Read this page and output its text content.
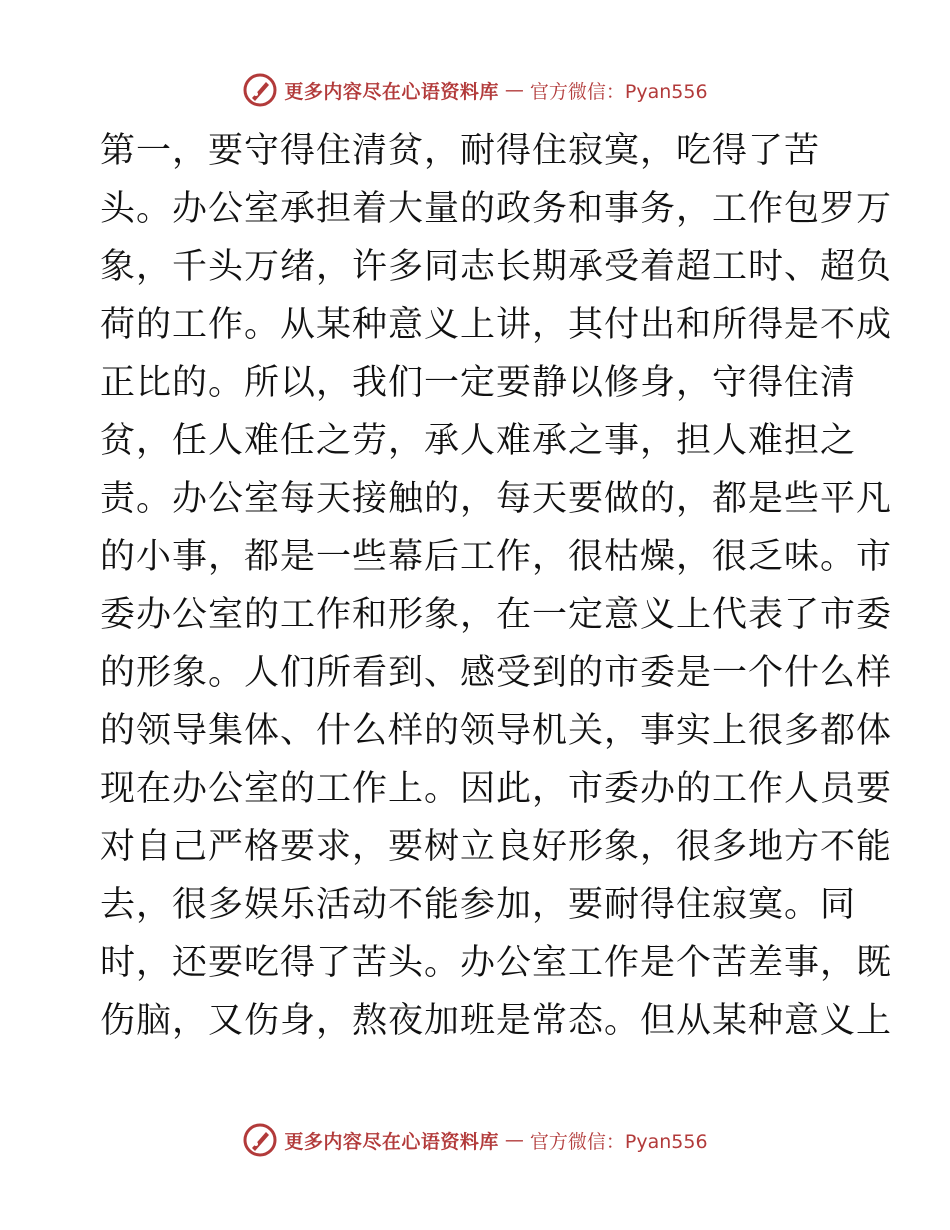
更多内容尽在心语资料库 — 官方微信：Pyan556
第一，要守得住清贫，耐得住寂寞，吃得了苦
头。办公室承担着大量的政务和事务，工作包罗万
象，千头万绪，许多同志长期承受着超工时、超负
荷的工作。从某种意义上讲，其付出和所得是不成
正比的。所以，我们一定要静以修身，守得住清
贫，任人难任之劳，承人难承之事，担人难担之
责。办公室每天接触的，每天要做的，都是些平凡
的小事，都是一些幕后工作，很枯燥，很乏味。市
委办公室的工作和形象，在一定意义上代表了市委
的形象。人们所看到、感受到的市委是一个什么样
的领导集体、什么样的领导机关，事实上很多都体
现在办公室的工作上。因此，市委办的工作人员要
对自己严格要求，要树立良好形象，很多地方不能
去，很多娱乐活动不能参加，要耐得住寂寞。同
时，还要吃得了苦头。办公室工作是个苦差事，既
伤脑，又伤身，熬夜加班是常态。但从某种意义上
更多内容尽在心语资料库 — 官方微信：Pyan556
